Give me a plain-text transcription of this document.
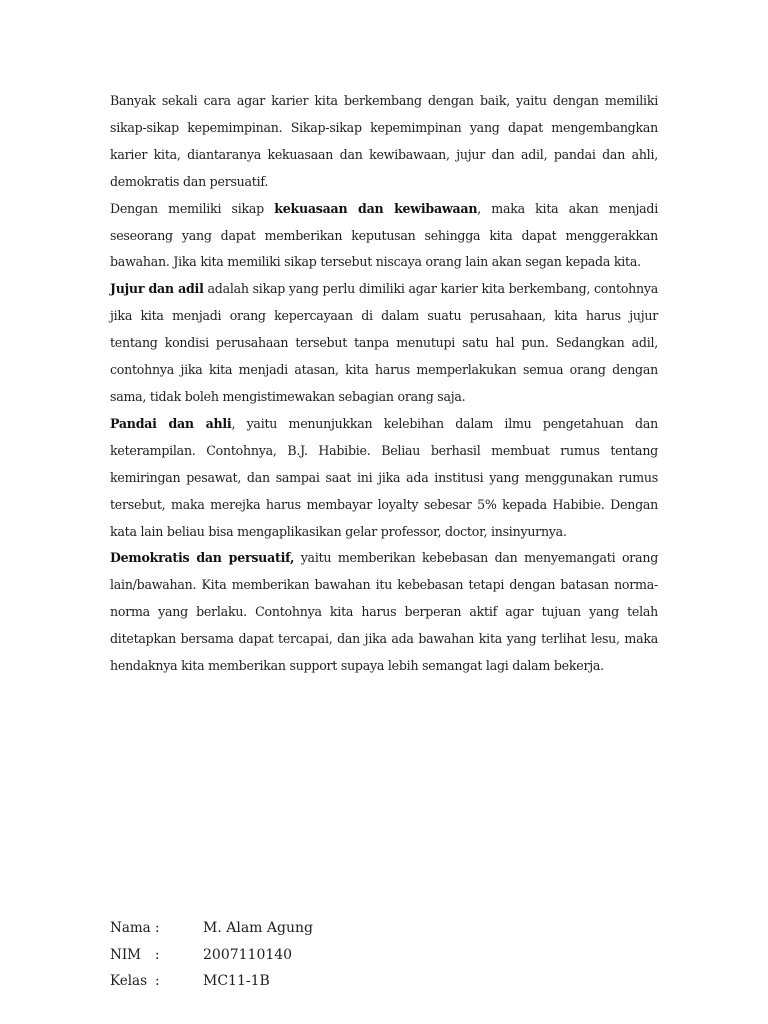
Banyak sekali cara agar karier kita berkembang dengan baik, yaitu dengan memiliki sikap-sikap kepemimpinan. Sikap-sikap kepemimpinan yang dapat mengembangkan karier kita, diantaranya kekuasaan dan kewibawaan, jujur dan adil, pandai dan ahli, demokratis dan persuatif.

Dengan memiliki sikap kekuasaan dan kewibawaan, maka kita akan menjadi seseorang yang dapat memberikan keputusan sehingga kita dapat menggerakkan bawahan. Jika kita memiliki sikap tersebut niscaya orang lain akan segan kepada kita.

Jujur dan adil adalah sikap yang perlu dimiliki agar karier kita berkembang, contohnya jika kita menjadi orang kepercayaan di dalam suatu perusahaan, kita harus jujur tentang kondisi perusahaan tersebut tanpa menutupi satu hal pun. Sedangkan adil, contohnya jika kita menjadi atasan, kita harus memperlakukan semua orang dengan sama, tidak boleh mengistimewakan sebagian orang saja.

Pandai dan ahli, yaitu menunjukkan kelebihan dalam ilmu pengetahuan dan keterampilan. Contohnya, B.J. Habibie. Beliau berhasil membuat rumus tentang kemiringan pesawat, dan sampai saat ini jika ada institusi yang menggunakan rumus tersebut, maka merejka harus membayar loyalty sebesar 5% kepada Habibie. Dengan kata lain beliau bisa mengaplikasikan gelar professor, doctor, insinyurnya.

Demokratis dan persuatif, yaitu memberikan kebebasan dan menyemangati orang lain/bawahan. Kita memberikan bawahan itu kebebasan tetapi dengan batasan norma-norma yang berlaku. Contohnya kita harus berperan aktif agar tujuan yang telah ditetapkan bersama dapat tercapai, dan jika ada bawahan kita yang terlihat lesu, maka hendaknya kita memberikan support supaya lebih semangat lagi dalam bekerja.

Nama :	M. Alam Agung
NIM	:	2007110140
Kelas :	MC11-1B
